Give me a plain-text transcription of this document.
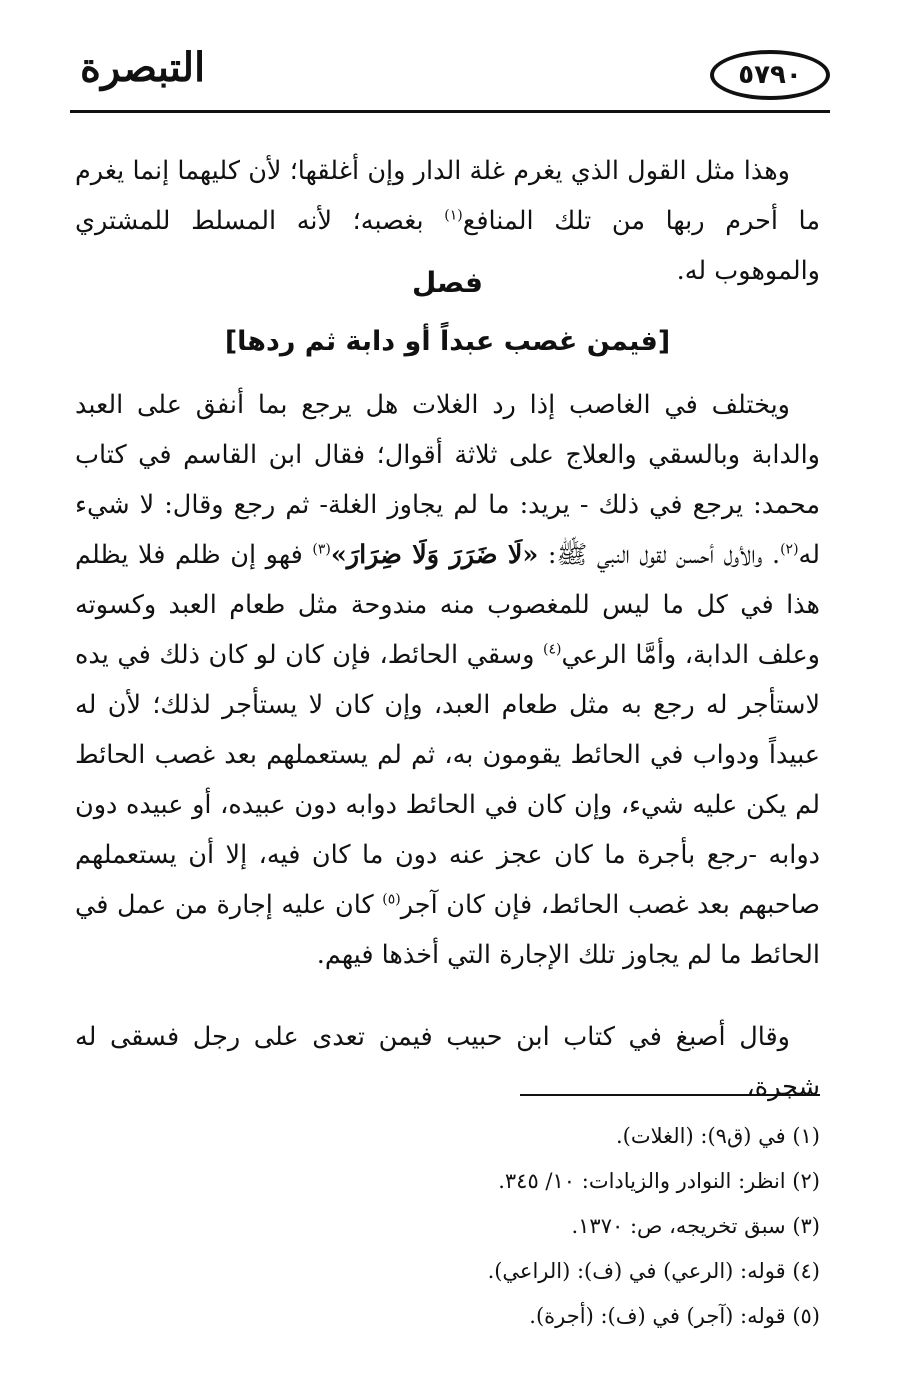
التبصرة	٥٧٩٠

وهذا مثل القول الذي يغرم غلة الدار وإن أغلقها؛ لأن كليهما إنما يغرم ما أحرم ربها من تلك المنافع$^{(١)}$ بغصبه؛ لأنه المسلط للمشتري والموهوب له.

فصل
[فيمن غصب عبداً أو دابة ثم ردها]

ويختلف في الغاصب إذا رد الغلات هل يرجع بما أنفق على العبد والدابة وبالسقي والعلاج على ثلاثة أقوال؛ فقال ابن القاسم في كتاب محمد: يرجع في ذلك - يريد: ما لم يجاوز الغلة- ثم رجع وقال: لا شيء له$^{(٢)}$. والأول أحسن لقول النبي ﷺ: «لَا ضَرَرَ وَلَا ضِرَارَ»$^{(٣)}$ فهو إن ظلم فلا يظلم هذا في كل ما ليس للمغصوب منه مندوحة مثل طعام العبد وكسوته وعلف الدابة، وأمَّا الرعي$^{(٤)}$ وسقي الحائط، فإن كان لو كان ذلك في يده لاستأجر له رجع به مثل طعام العبد، وإن كان لا يستأجر لذلك؛ لأن له عبيداً ودواب في الحائط يقومون به، ثم لم يستعملهم بعد غصب الحائط لم يكن عليه شيء، وإن كان في الحائط دوابه دون عبيده، أو عبيده دون دوابه -رجع بأجرة ما كان عجز عنه دون ما كان فيه، إلا أن يستعملهم صاحبهم بعد غصب الحائط، فإن كان آجر$^{(٥)}$ كان عليه إجارة من عمل في الحائط ما لم يجاوز تلك الإجارة التي أخذها فيهم.

وقال أصبغ في كتاب ابن حبيب فيمن تعدى على رجل فسقى له شجرة،

(١) في (ق٩): (الغلات).

(٢) انظر: النوادر والزيادات: ١٠/ ٣٤٥.

(٣) سبق تخريجه، ص: ١٣٧٠.

(٤) قوله: (الرعي) في (ف): (الراعي).

(٥) قوله: (آجر) في (ف): (أجرة).
